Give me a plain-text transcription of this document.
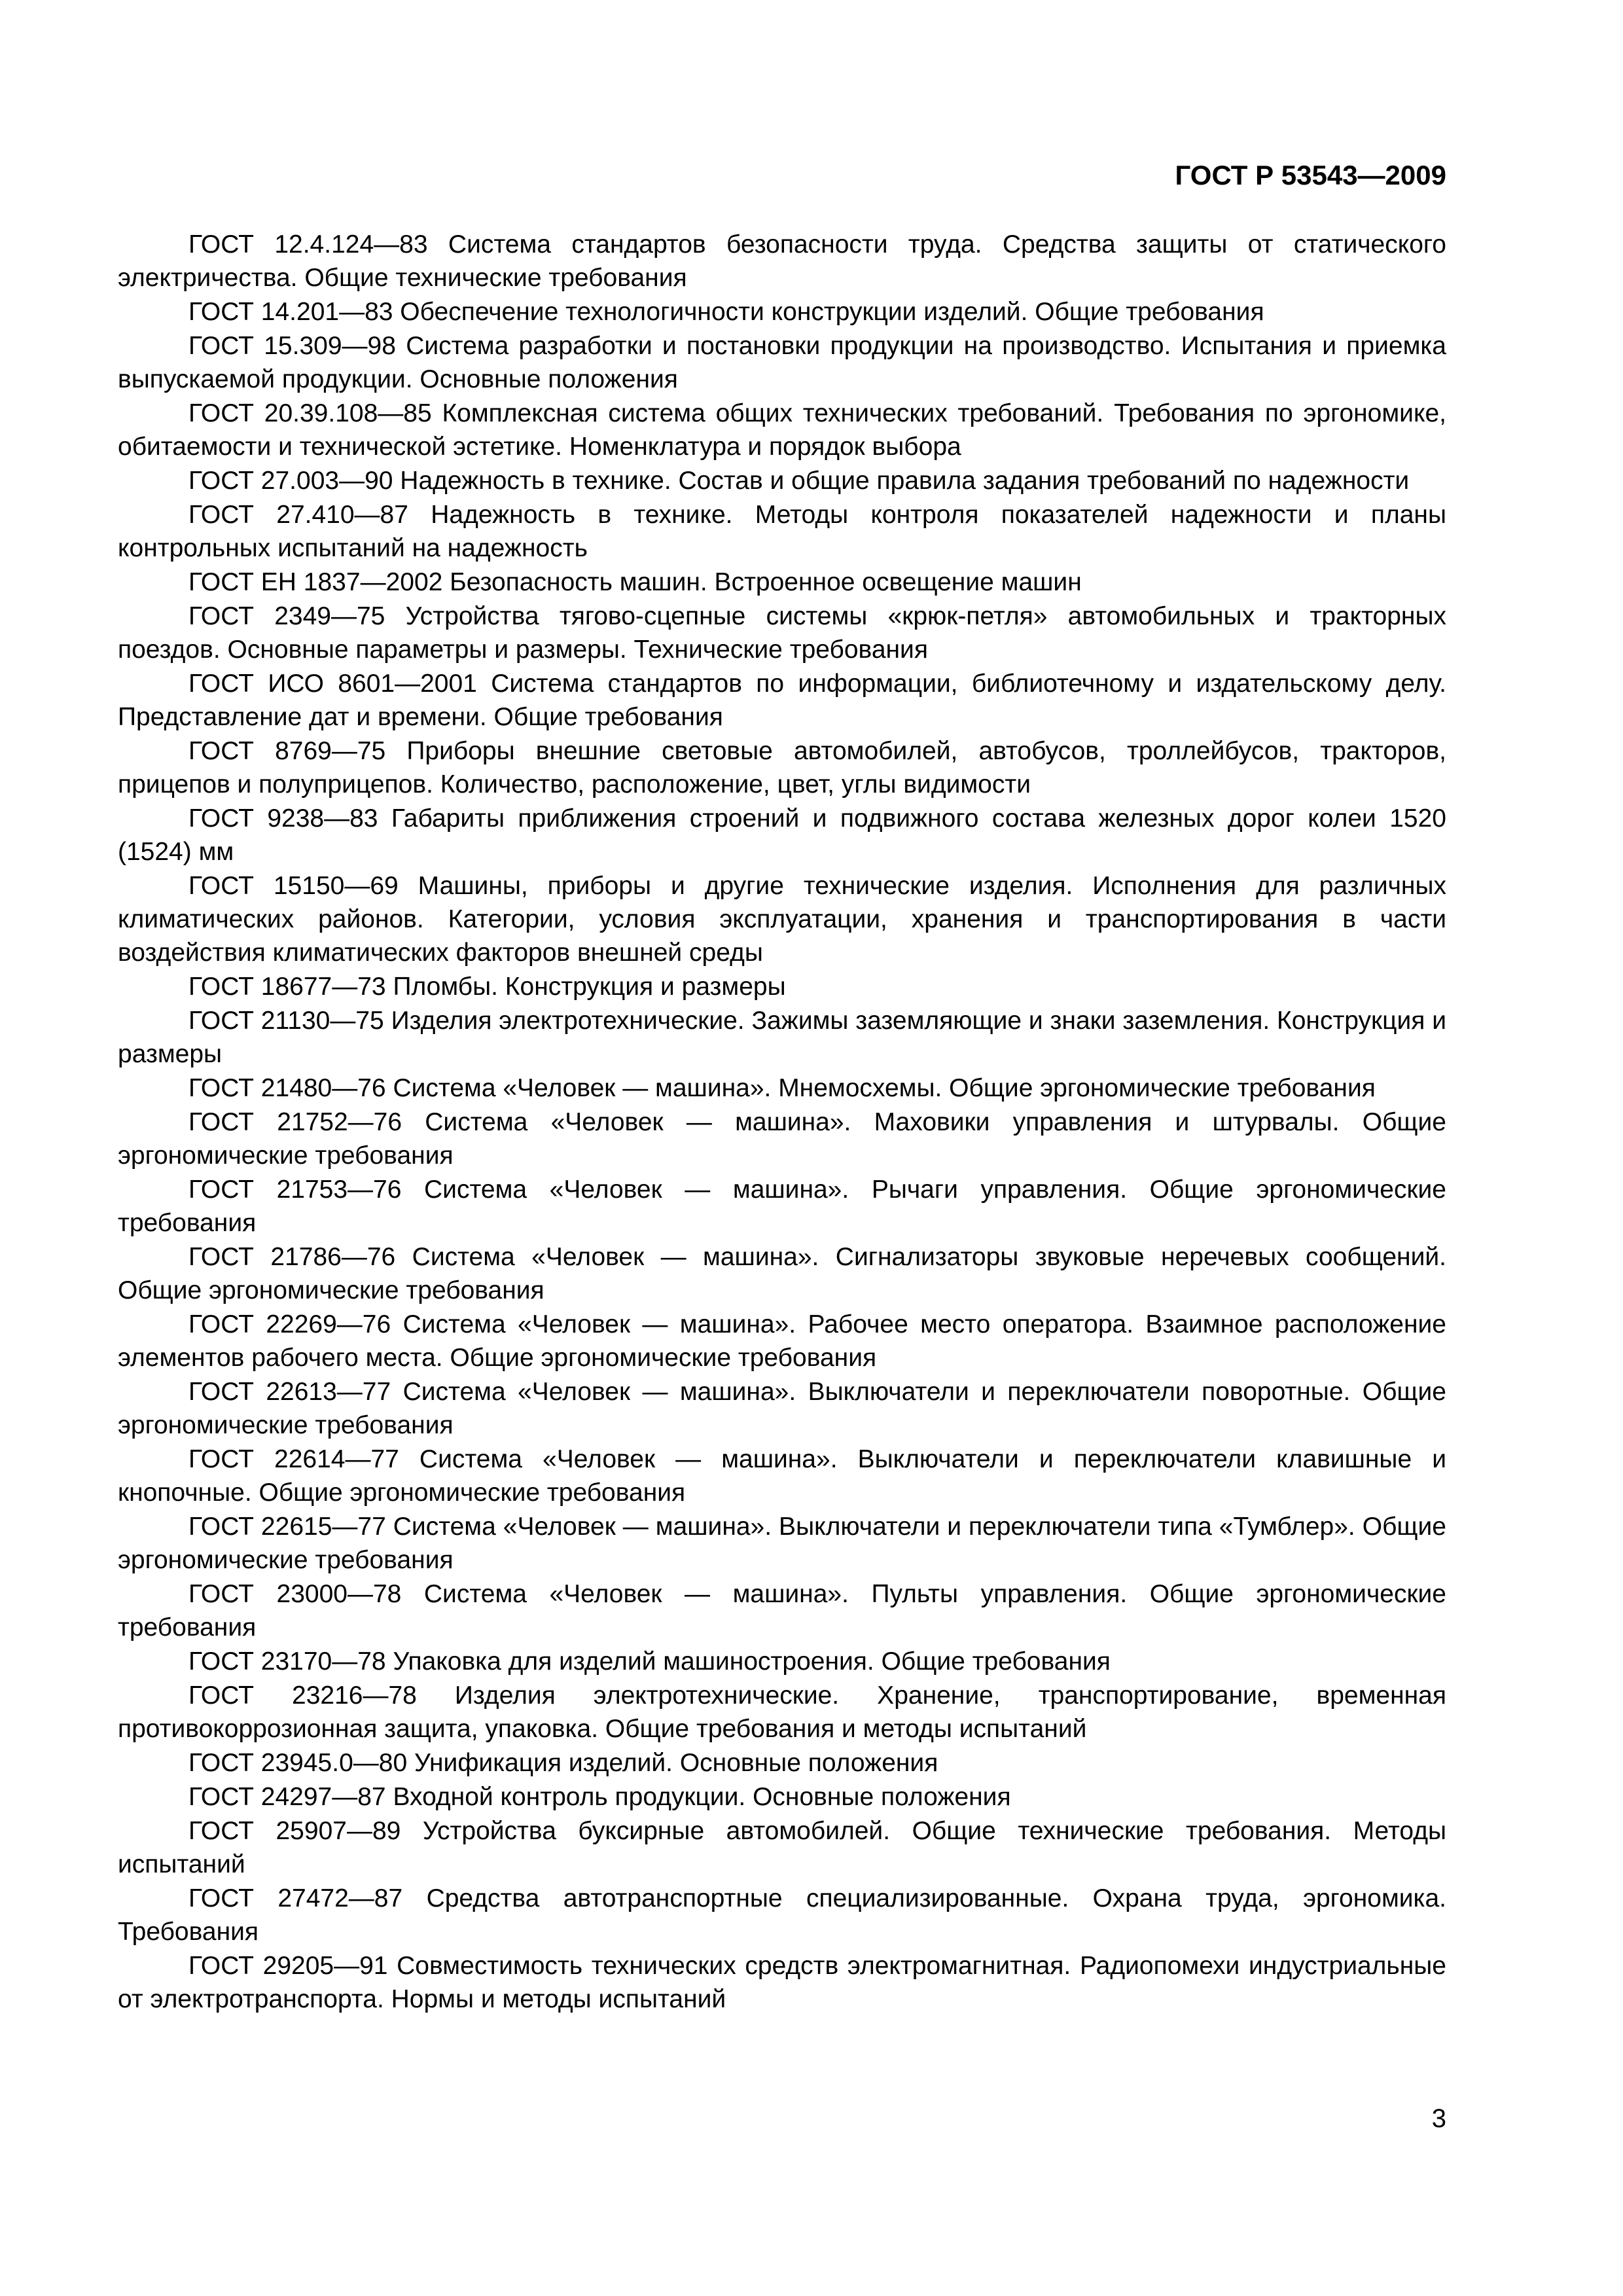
ГОСТ Р 53543—2009

ГОСТ 12.4.124—83 Система стандартов безопасности труда. Средства защиты от статического электричества. Общие технические требования

ГОСТ 14.201—83 Обеспечение технологичности конструкции изделий. Общие требования

ГОСТ 15.309—98 Система разработки и постановки продукции на производство. Испытания и приемка выпускаемой продукции. Основные положения

ГОСТ 20.39.108—85 Комплексная система общих технических требований. Требования по эргономике, обитаемости и технической эстетике. Номенклатура и порядок выбора

ГОСТ 27.003—90 Надежность в технике. Состав и общие правила задания требований по надежности

ГОСТ 27.410—87 Надежность в технике. Методы контроля показателей надежности и планы контрольных испытаний на надежность

ГОСТ ЕН 1837—2002 Безопасность машин. Встроенное освещение машин

ГОСТ 2349—75 Устройства тягово-сцепные системы «крюк-петля» автомобильных и тракторных поездов. Основные параметры и размеры. Технические требования

ГОСТ ИСО 8601—2001 Система стандартов по информации, библиотечному и издательскому делу. Представление дат и времени. Общие требования

ГОСТ 8769—75 Приборы внешние световые автомобилей, автобусов, троллейбусов, тракторов, прицепов и полуприцепов. Количество, расположение, цвет, углы видимости

ГОСТ 9238—83 Габариты приближения строений и подвижного состава железных дорог колеи 1520 (1524) мм

ГОСТ 15150—69 Машины, приборы и другие технические изделия. Исполнения для различных климатических районов. Категории, условия эксплуатации, хранения и транспортирования в части воздействия климатических факторов внешней среды

ГОСТ 18677—73 Пломбы. Конструкция и размеры

ГОСТ 21130—75 Изделия электротехнические. Зажимы заземляющие и знаки заземления. Конструкция и размеры

ГОСТ 21480—76 Система «Человек — машина». Мнемосхемы. Общие эргономические требования

ГОСТ 21752—76 Система «Человек — машина». Маховики управления и штурвалы. Общие эргономические требования

ГОСТ 21753—76 Система «Человек — машина». Рычаги управления. Общие эргономические требования

ГОСТ 21786—76 Система «Человек — машина». Сигнализаторы звуковые неречевых сообщений. Общие эргономические требования

ГОСТ 22269—76 Система «Человек — машина». Рабочее место оператора. Взаимное расположение элементов рабочего места. Общие эргономические требования

ГОСТ 22613—77 Система «Человек — машина». Выключатели и переключатели поворотные. Общие эргономические требования

ГОСТ 22614—77 Система «Человек — машина». Выключатели и переключатели клавишные и кнопочные. Общие эргономические требования

ГОСТ 22615—77 Система «Человек — машина». Выключатели и переключатели типа «Тумблер». Общие эргономические требования

ГОСТ 23000—78 Система «Человек — машина». Пульты управления. Общие эргономические требования

ГОСТ 23170—78 Упаковка для изделий машиностроения. Общие требования

ГОСТ 23216—78 Изделия электротехнические. Хранение, транспортирование, временная противокоррозионная защита, упаковка. Общие требования и методы испытаний

ГОСТ 23945.0—80 Унификация изделий. Основные положения

ГОСТ 24297—87 Входной контроль продукции. Основные положения

ГОСТ 25907—89 Устройства буксирные автомобилей. Общие технические требования. Методы испытаний

ГОСТ 27472—87 Средства автотранспортные специализированные. Охрана труда, эргономика. Требования

ГОСТ 29205—91 Совместимость технических средств электромагнитная. Радиопомехи индустриальные от электротранспорта. Нормы и методы испытаний

3
